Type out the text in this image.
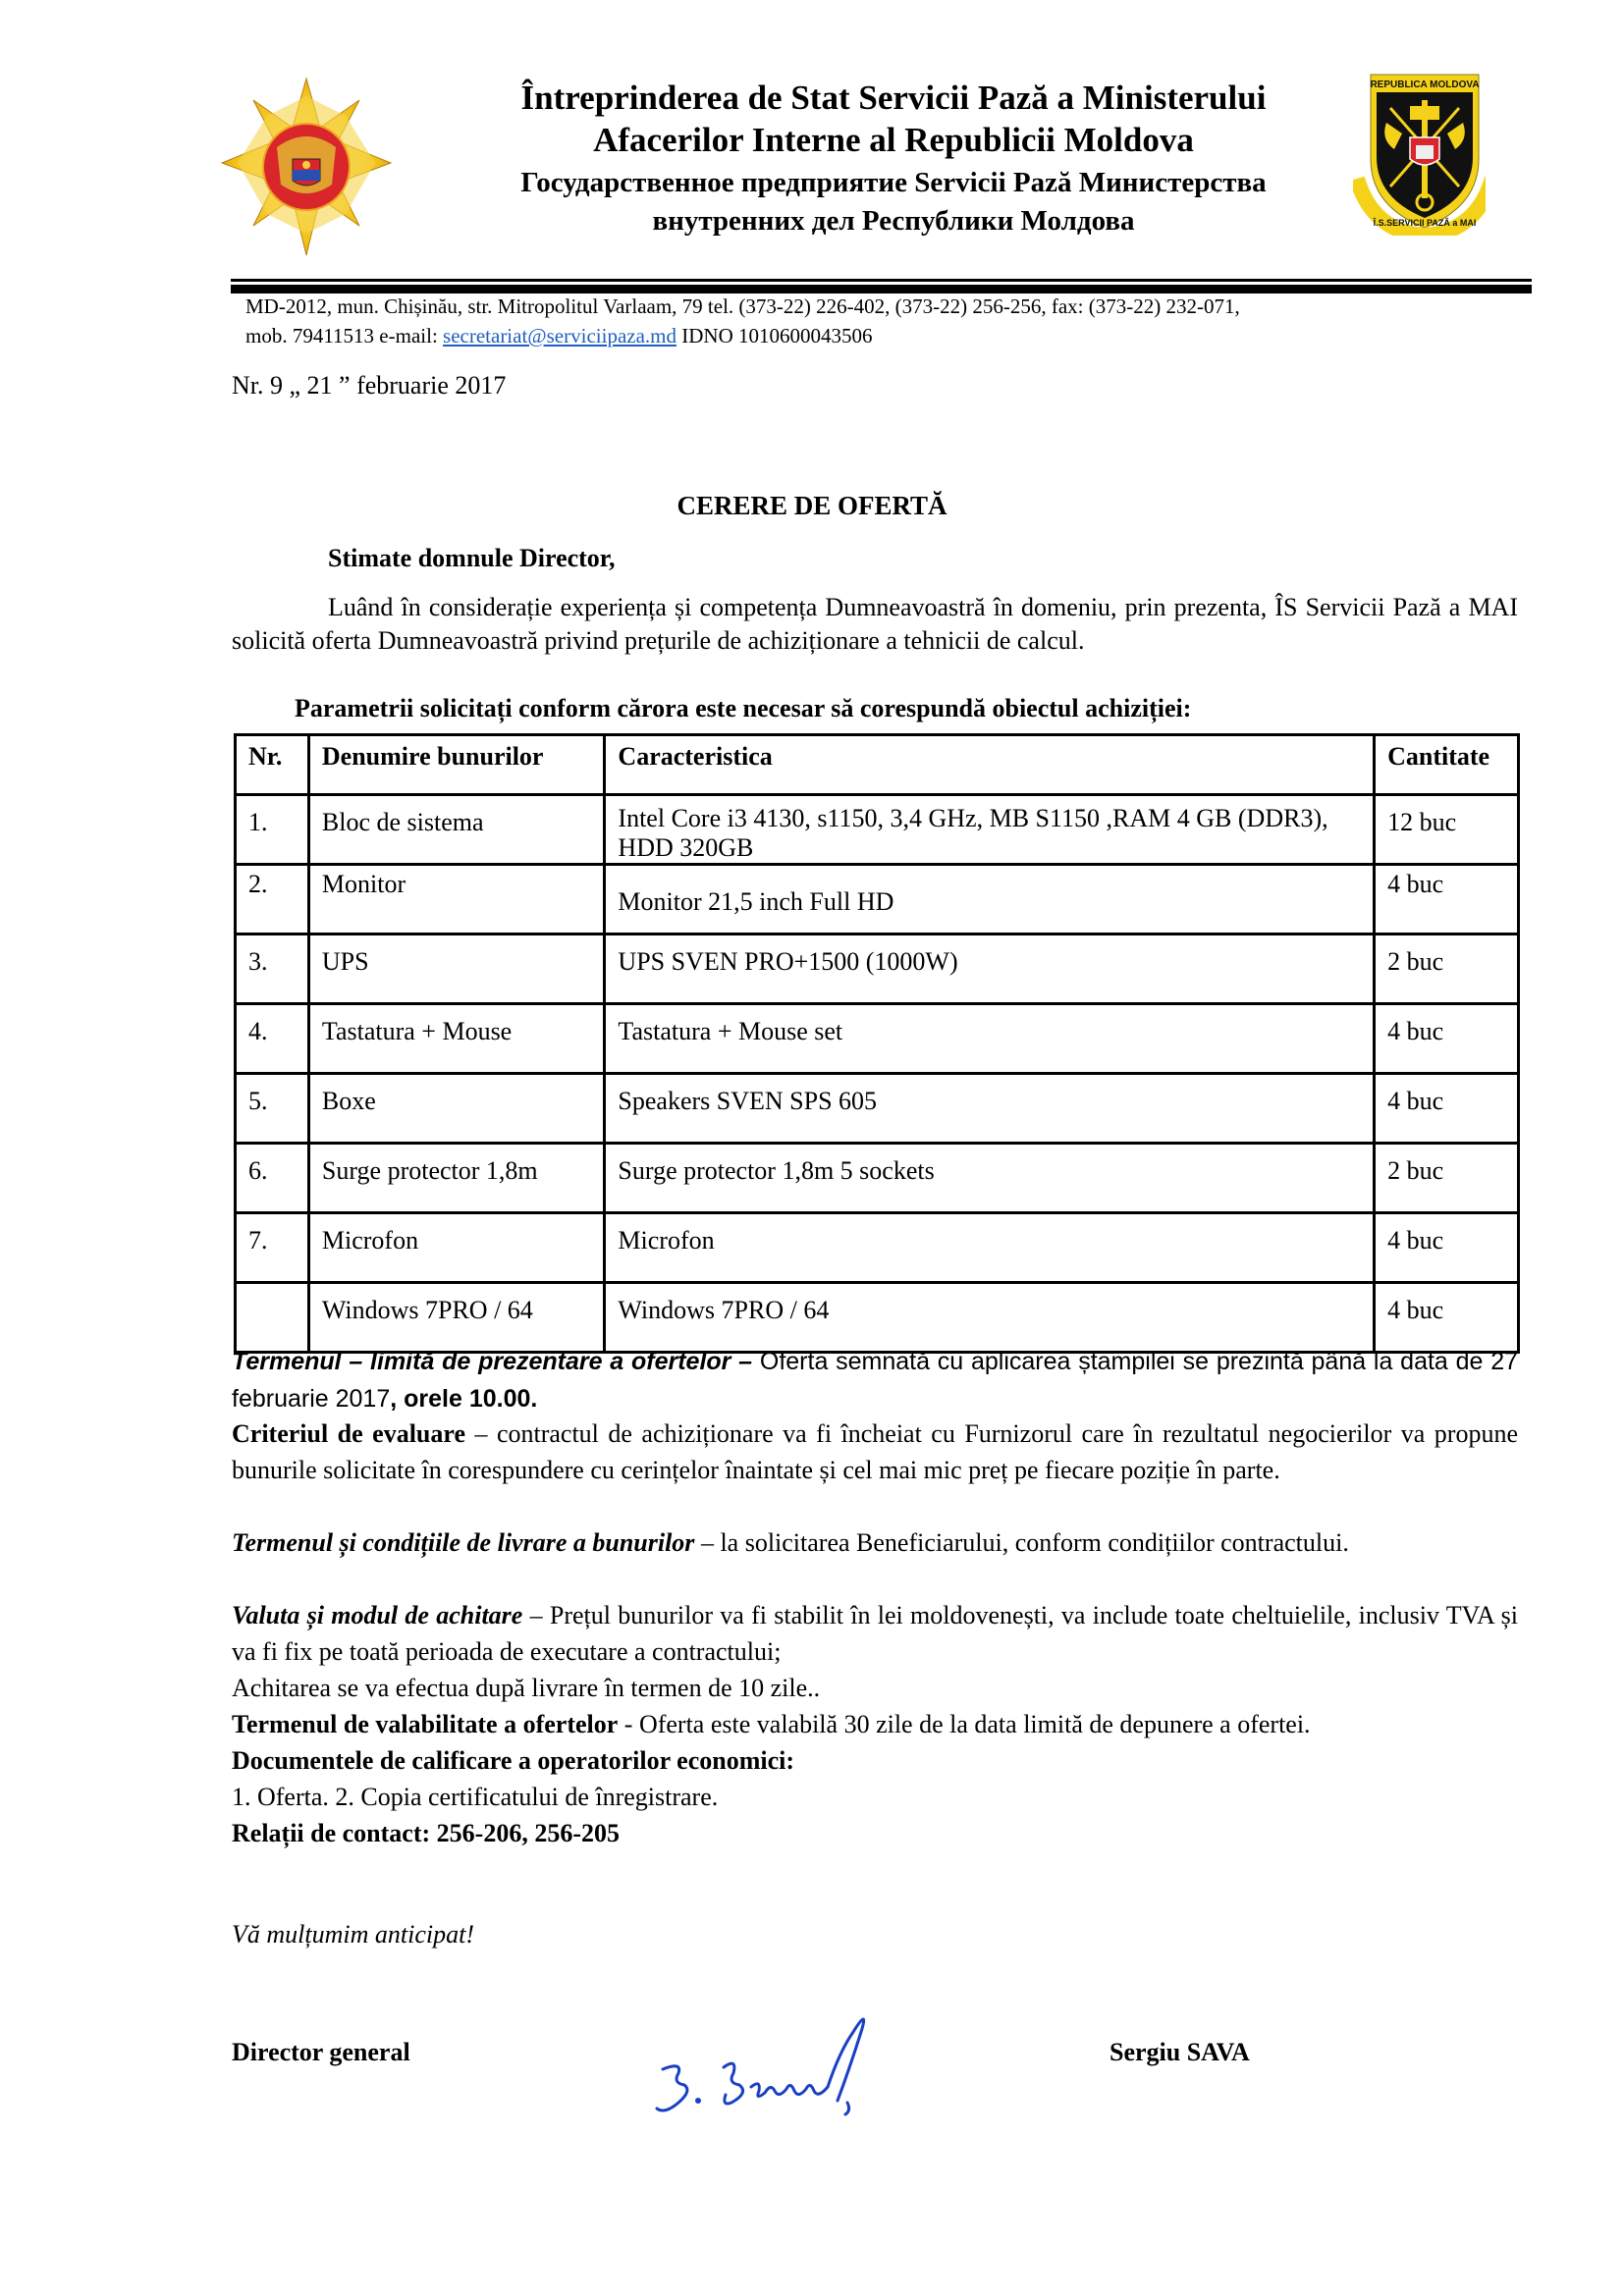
Întreprinderea de Stat Servicii Pază a Ministerului
Afacerilor Interne al Republicii Moldova
Государственное предприятие Servicii Pază Министерства
внутренних дел Республики Молдова
REPUBLICA MOLDOVA
Î.S.SERVICII PAZĂ a MAI
MD-2012, mun. Chișinău, str. Mitropolitul Varlaam, 79 tel. (373-22) 226-402, (373-22) 256-256, fax: (373-22) 232-071,
mob. 79411513 e-mail: secretariat@serviciipaza.md IDNO 1010600043506
Nr. 9 „ 21 ” februarie 2017
CERERE DE OFERTĂ
Stimate domnule Director,
Luând în considerație experiența și competența Dumneavoastră în domeniu, prin prezenta, ÎS Servicii Pază a MAI solicită oferta Dumneavoastră privind prețurile de achiziționare a tehnicii de calcul.
Parametrii solicitați conform cărora este necesar să corespundă obiectul achiziției:
Nr.	Denumire bunurilor	Caracteristica	Cantitate
1.	Bloc de sistema	Intel Core i3 4130, s1150, 3,4 GHz, MB S1150 ,RAM 4 GB (DDR3), HDD 320GB	12 buc
2.	Monitor	Monitor 21,5 inch Full HD	4 buc
3.	UPS	UPS SVEN PRO+1500 (1000W)	2 buc
4.	Tastatura + Mouse	Tastatura + Mouse set	4 buc
5.	Boxe	Speakers SVEN SPS 605	4 buc
6.	Surge protector 1,8m	Surge protector 1,8m 5 sockets	2 buc
7.	Microfon	Microfon	4 buc
	Windows 7PRO / 64	Windows 7PRO / 64	4 buc
Termenul – limită de prezentare a ofertelor – Oferta semnată cu aplicarea ștampilei se prezintă până la data de 27 februarie 2017, orele 10.00.
Criteriul de evaluare – contractul de achiziționare va fi încheiat cu Furnizorul care în rezultatul negocierilor va propune bunurile solicitate în corespundere cu cerințelor înaintate și cel mai mic preț pe fiecare poziție în parte.
Termenul și condițiile de livrare a bunurilor – la solicitarea Beneficiarului, conform condițiilor contractului.
Valuta și modul de achitare – Prețul bunurilor va fi stabilit în lei moldovenești, va include toate cheltuielile, inclusiv TVA și va fi fix pe toată perioada de executare a contractului;
Achitarea se va efectua după livrare în termen de 10 zile..
Termenul de valabilitate a ofertelor - Oferta este valabilă 30 zile de la data limită de depunere a ofertei.
Documentele de calificare a operatorilor economici:
1. Oferta. 2. Copia certificatului de înregistrare.
Relații de contact: 256-206, 256-205
Vă mulțumim anticipat!
Director general	Sergiu SAVA
